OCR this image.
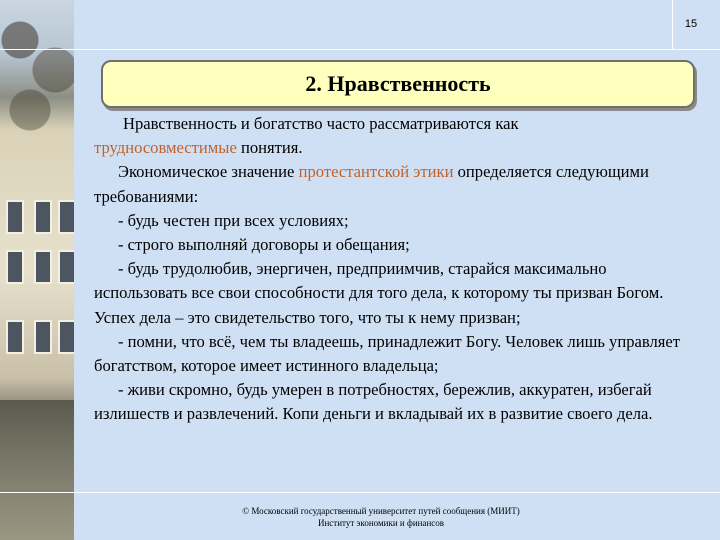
15
2. Нравственность

Нравственность и богатство часто рассматриваются как

трудносовместимые понятия.

Экономическое значение протестантской этики определяется следующими требованиями:

- будь честен при всех условиях;

- строго выполняй договоры и обещания;

- будь трудолюбив, энергичен, предприимчив, старайся максимально использовать все свои способности для того дела, к которому ты призван Богом. Успех дела – это свидетельство того, что ты к нему призван;

- помни, что всё, чем ты владеешь, принадлежит Богу. Человек лишь управляет богатством, которое имеет истинного владельца;

- живи скромно, будь умерен в потребностях, бережлив, аккуратен, избегай излишеств и развлечений. Копи деньги и вкладывай их в развитие своего дела.

© Московский государственный университет путей сообщения (МИИТ)
Институт экономики и финансов
